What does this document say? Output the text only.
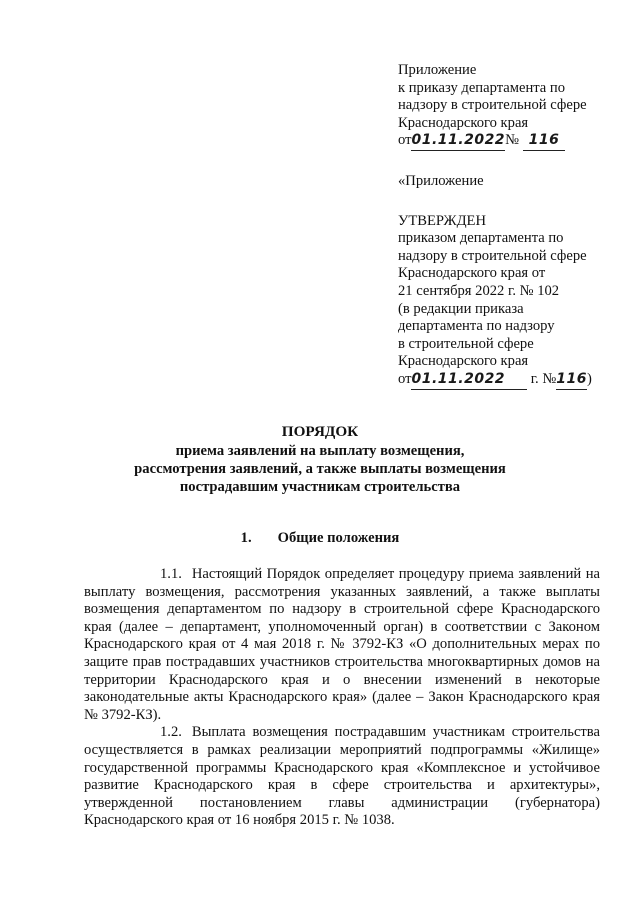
Приложение
к приказу департамента по
надзору в строительной сфере
Краснодарского края
от01.11.2022№ 116
«Приложение
УТВЕРЖДЕН
приказом департамента по
надзору в строительной сфере
Краснодарского края от
21 сентября 2022 г. № 102
(в редакции приказа
департамента по надзору
в строительной сфере
Краснодарского края
от01.11.2022 г. №116)
ПОРЯДОК
приема заявлений на выплату возмещения,
рассмотрения заявлений, а также выплаты возмещения
пострадавшим участникам строительства
1. Общие положения

1.1. Настоящий Порядок определяет процедуру приема заявлений на выплату возмещения, рассмотрения указанных заявлений, а также выплаты возмещения департаментом по надзору в строительной сфере Краснодарского края (далее – департамент, уполномоченный орган) в соответствии с Законом Краснодарского края от 4 мая 2018 г. № 3792-КЗ «О дополнительных мерах по защите прав пострадавших участников строительства многоквартирных домов на территории Краснодарского края и о внесении изменений в некоторые законодательные акты Краснодарского края» (далее – Закон Краснодарского края № 3792-КЗ).

1.2. Выплата возмещения пострадавшим участникам строительства осуществляется в рамках реализации мероприятий подпрограммы «Жилище» государственной программы Краснодарского края «Комплексное и устойчивое развитие Краснодарского края в сфере строительства и архитектуры», утвержденной постановлением главы администрации (губернатора) Краснодарского края от 16 ноября 2015 г. № 1038.
